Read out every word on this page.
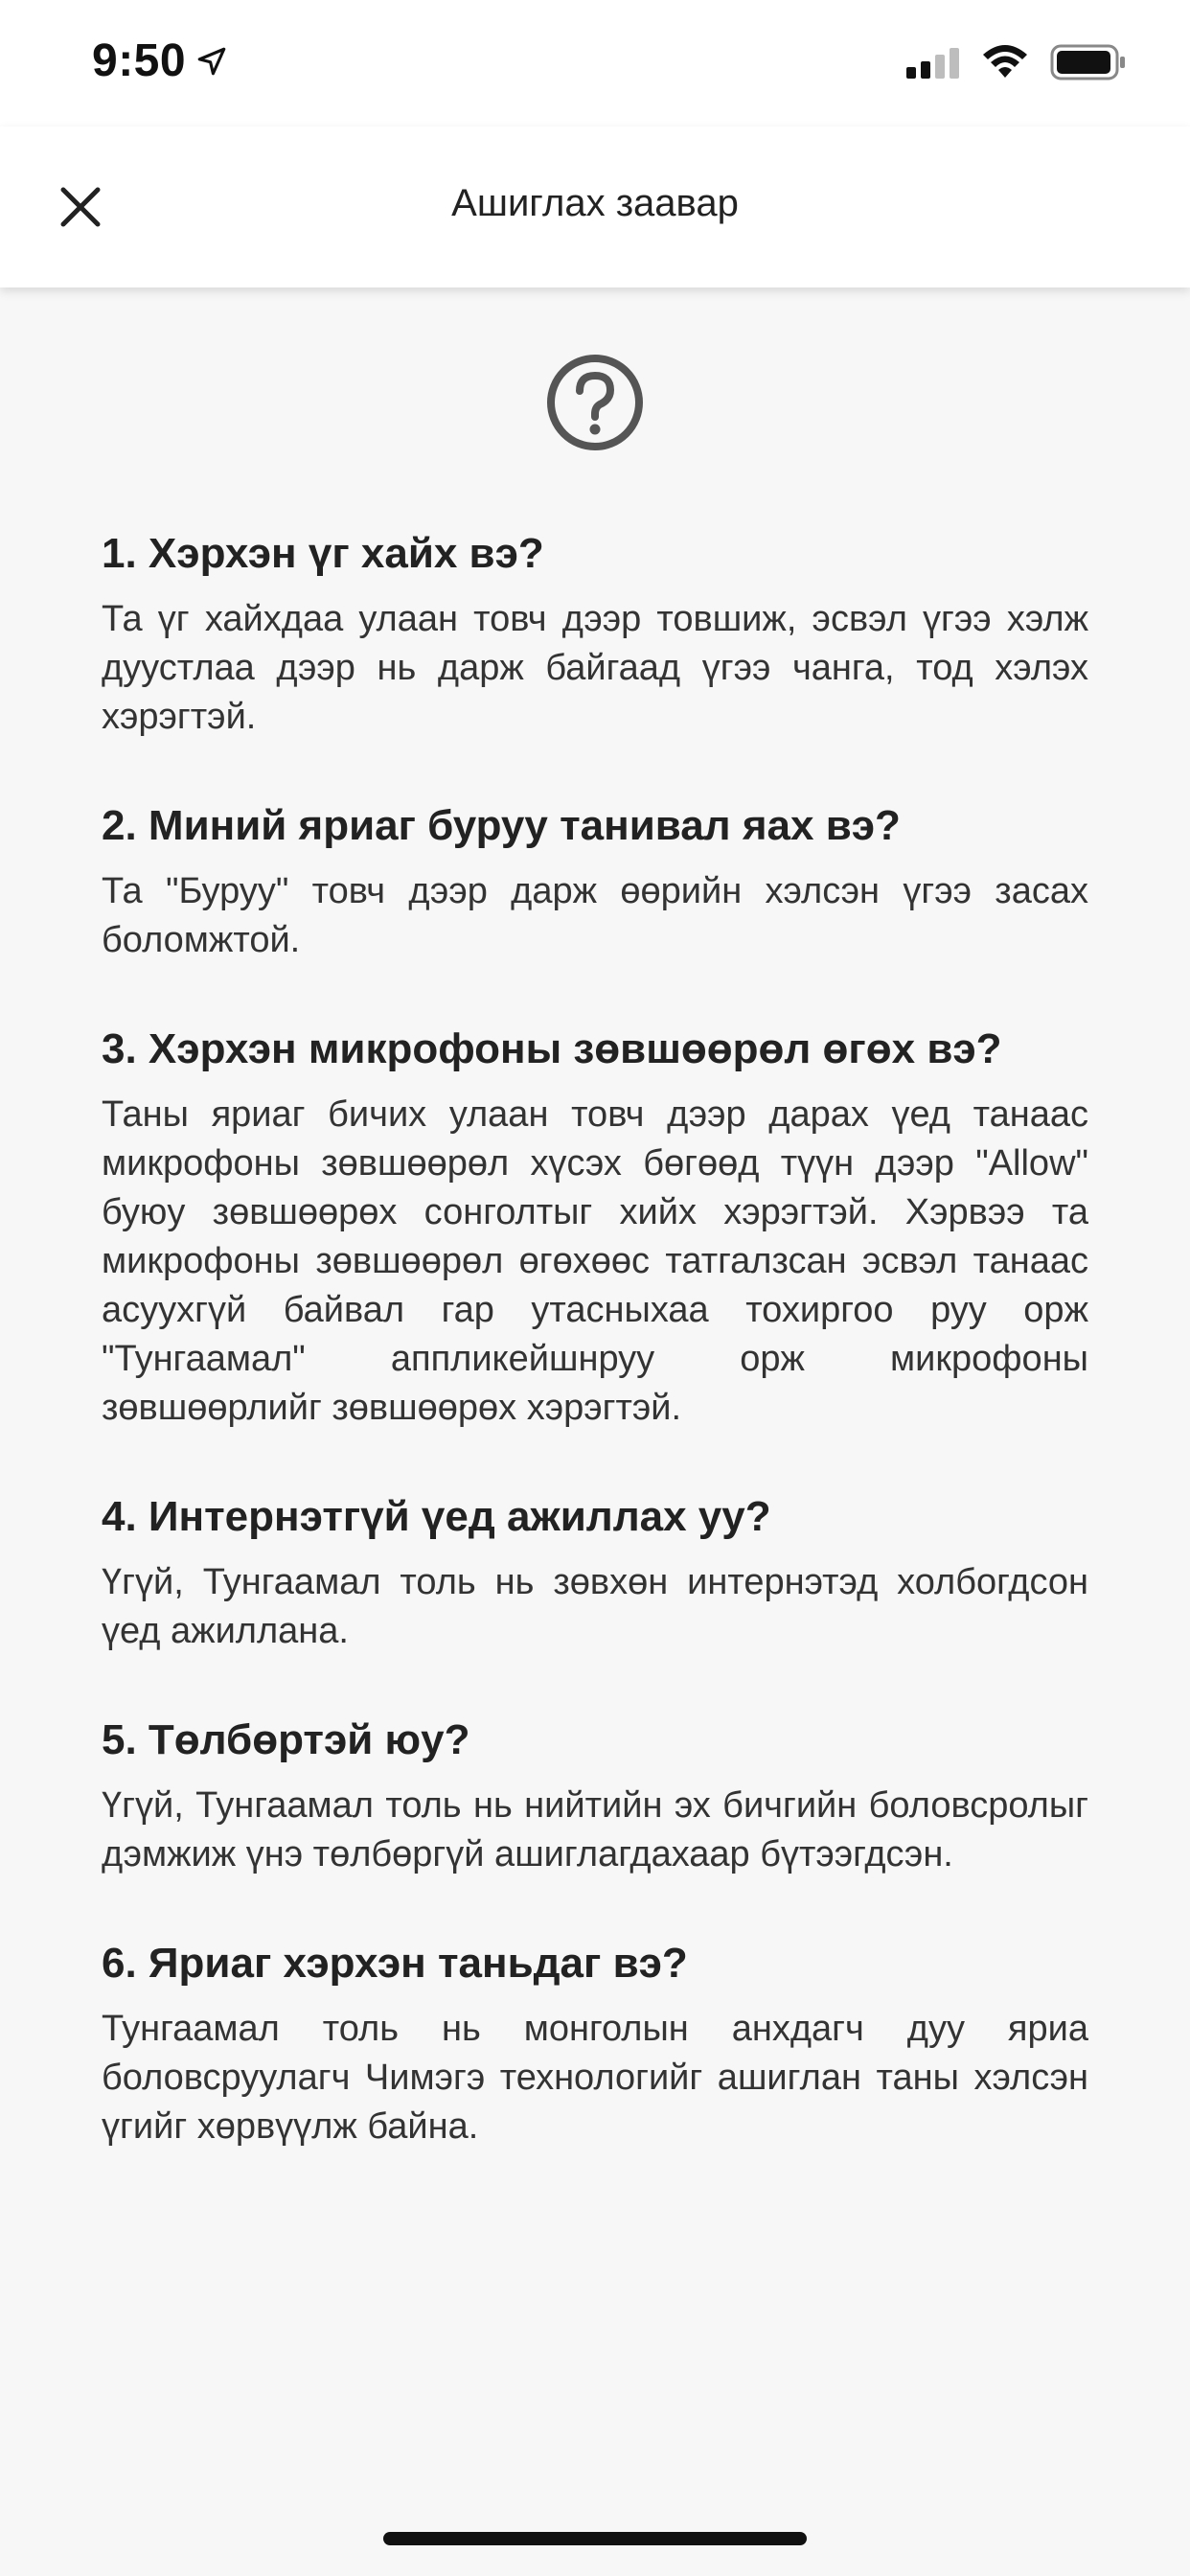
9:50
Ашиглах заавар
1. Хэрхэн үг хайх вэ?

Та үг хайхдаа улаан товч дээр товшиж, эсвэл үгээ хэлж дуустлаа дээр нь дарж байгаад үгээ чанга, тод хэлэх хэрэгтэй.

2. Миний яриаг буруу танивал яах вэ?

Та "Буруу" товч дээр дарж өөрийн хэлсэн үгээ засах боломжтой.

3. Хэрхэн микрофоны зөвшөөрөл өгөх вэ?

Таны яриаг бичих улаан товч дээр дарах үед танаас микрофоны зөвшөөрөл хүсэх бөгөөд түүн дээр "Allow" буюу зөвшөөрөх сонголтыг хийх хэрэгтэй. Хэрвээ та микрофоны зөвшөөрөл өгөхөөс татгалзсан эсвэл танаас асуухгүй байвал гар утасныхаа тохиргоо руу орж "Тунгаамал" аппликейшнруу орж микрофоны зөвшөөрлийг зөвшөөрөх хэрэгтэй.

4. Интернэтгүй үед ажиллах уу?

Үгүй, Тунгаамал толь нь зөвхөн интернэтэд холбогдсон үед ажиллана.

5. Төлбөртэй юу?

Үгүй, Тунгаамал толь нь нийтийн эх бичгийн боловсролыг дэмжиж үнэ төлбөргүй ашиглагдахаар бүтээгдсэн.

6. Яриаг хэрхэн таньдаг вэ?

Тунгаамал толь нь монголын анхдагч дуу яриа боловсруулагч Чимэгэ технологийг ашиглан таны хэлсэн үгийг хөрвүүлж байна.
